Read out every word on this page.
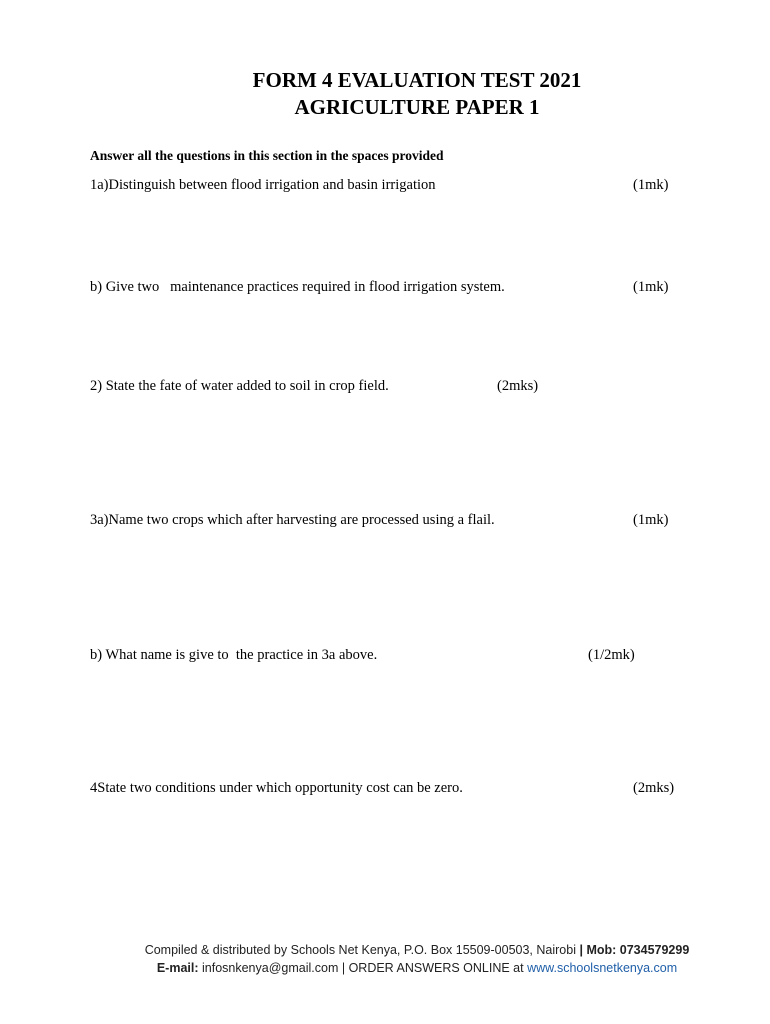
FORM 4 EVALUATION TEST 2021
AGRICULTURE PAPER 1
Answer all the questions in this section in the spaces provided
1a)Distinguish between flood irrigation and basin irrigation	(1mk)
b) Give two   maintenance practices required in flood irrigation system.	(1mk)
2) State the fate of water added to soil in crop field.	(2mks)
3a)Name two crops which after harvesting are processed using a flail.	(1mk)
b) What name is give to  the practice in 3a above.	(1/2mk)
4State two conditions under which opportunity cost can be zero.	(2mks)
Compiled & distributed by Schools Net Kenya, P.O. Box 15509-00503, Nairobi | Mob: 0734579299
E-mail: infosnkenya@gmail.com | ORDER ANSWERS ONLINE at www.schoolsnetkenya.com
